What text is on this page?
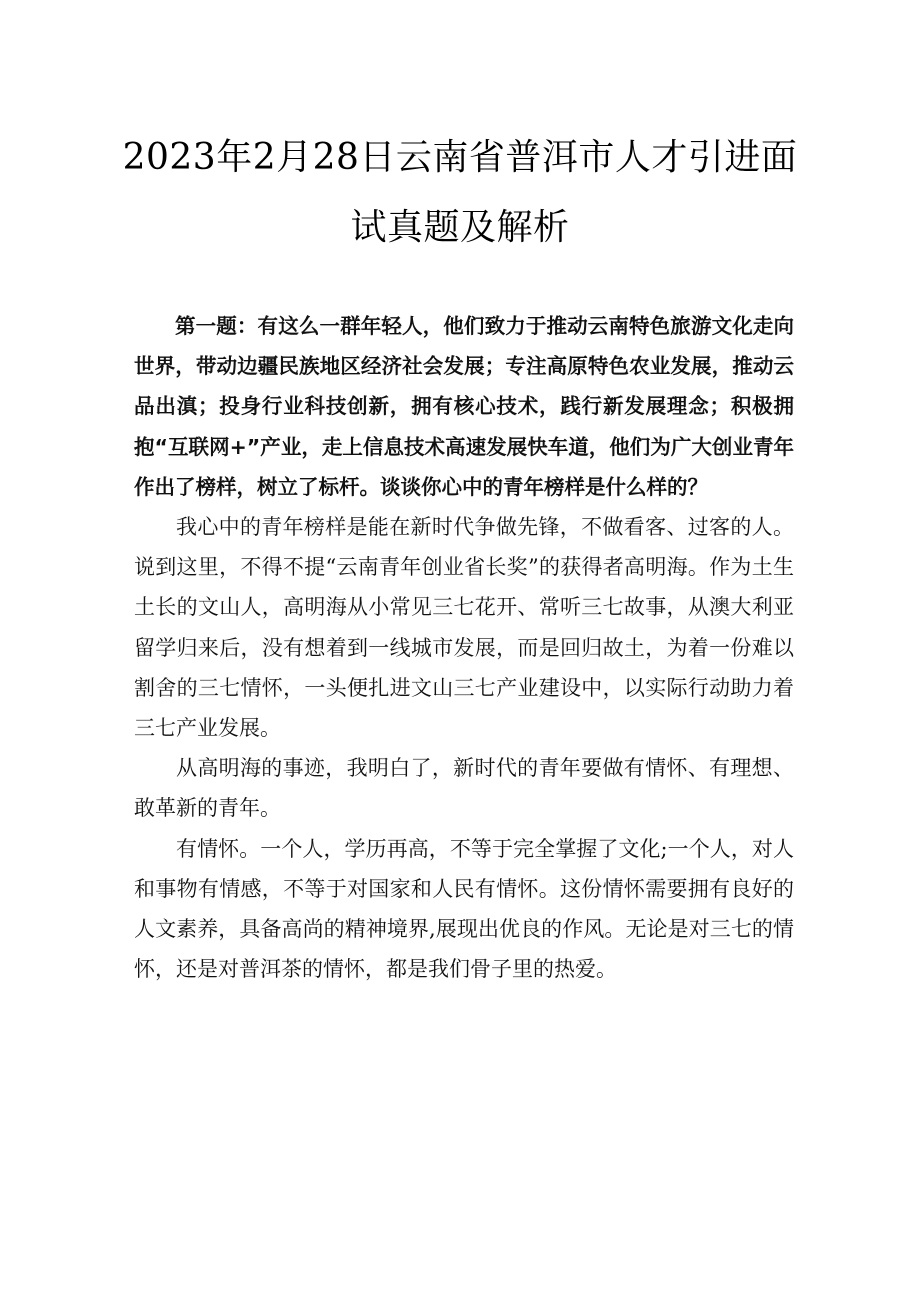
2023年2月28日云南省普洱市人才引进面
试真题及解析

第一题：有这么一群年轻人，他们致力于推动云南特色旅游文化走向世界，带动边疆民族地区经济社会发展；专注高原特色农业发展，推动云品出滇；投身行业科技创新，拥有核心技术，践行新发展理念；积极拥抱“互联网+”产业，走上信息技术高速发展快车道，他们为广大创业青年作出了榜样，树立了标杆。谈谈你心中的青年榜样是什么样的？

我心中的青年榜样是能在新时代争做先锋，不做看客、过客的人。说到这里，不得不提“云南青年创业省长奖”的获得者高明海。作为土生土长的文山人，高明海从小常见三七花开、常听三七故事，从澳大利亚留学归来后，没有想着到一线城市发展，而是回归故土，为着一份难以割舍的三七情怀，一头便扎进文山三七产业建设中，以实际行动助力着三七产业发展。

从高明海的事迹，我明白了，新时代的青年要做有情怀、有理想、敢革新的青年。

有情怀。一个人，学历再高，不等于完全掌握了文化;一个人，对人和事物有情感，不等于对国家和人民有情怀。这份情怀需要拥有良好的人文素养，具备高尚的精神境界,展现出优良的作风。无论是对三七的情怀，还是对普洱茶的情怀，都是我们骨子里的热爱。
